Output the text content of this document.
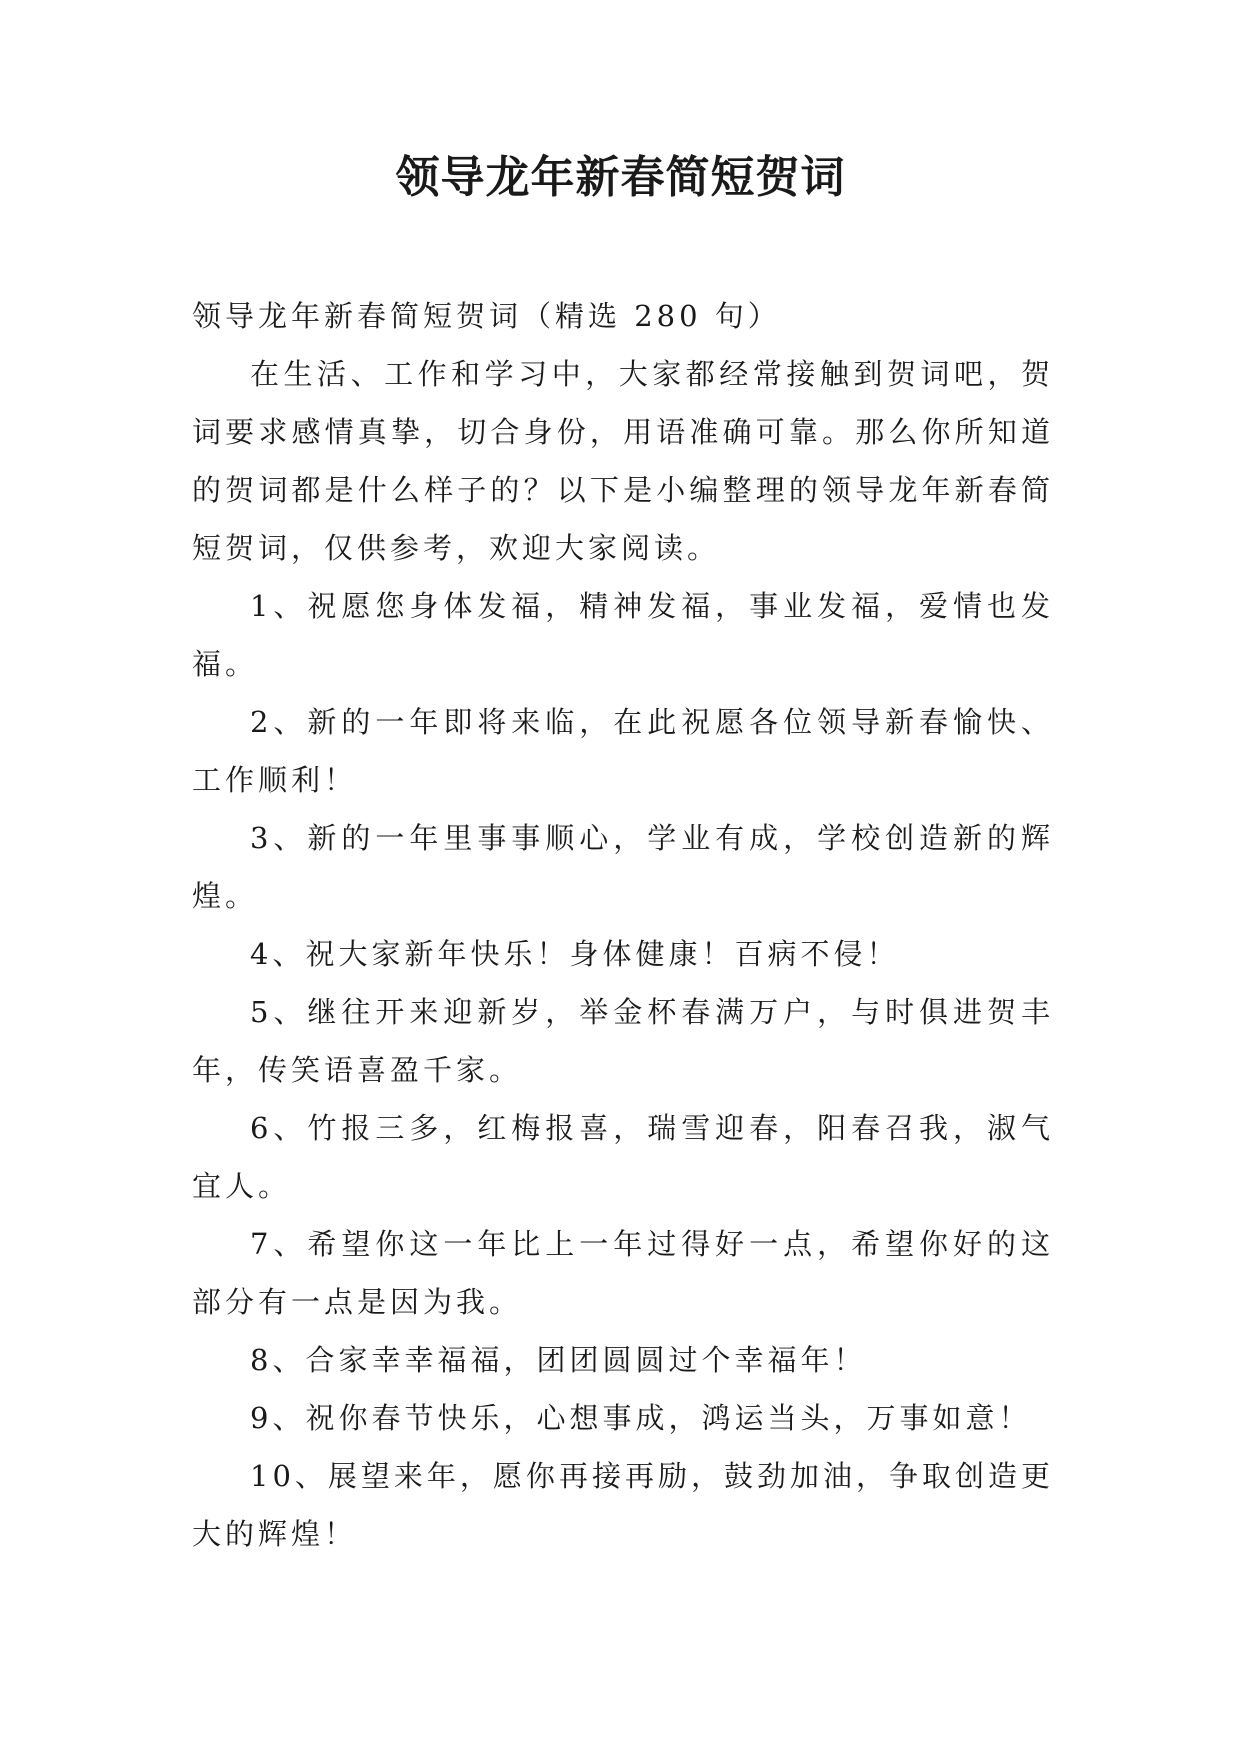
领导龙年新春简短贺词

领导龙年新春简短贺词（精选 280 句）

在生活、工作和学习中，大家都经常接触到贺词吧，贺词要求感情真挚，切合身份，用语准确可靠。那么你所知道的贺词都是什么样子的？以下是小编整理的领导龙年新春简短贺词，仅供参考，欢迎大家阅读。

1、祝愿您身体发福，精神发福，事业发福，爱情也发福。

2、新的一年即将来临，在此祝愿各位领导新春愉快、工作顺利！

3、新的一年里事事顺心，学业有成，学校创造新的辉煌。

4、祝大家新年快乐！身体健康！百病不侵！

5、继往开来迎新岁，举金杯春满万户，与时俱进贺丰年，传笑语喜盈千家。

6、竹报三多，红梅报喜，瑞雪迎春，阳春召我，淑气宜人。

7、希望你这一年比上一年过得好一点，希望你好的这部分有一点是因为我。

8、合家幸幸福福，团团圆圆过个幸福年！

9、祝你春节快乐，心想事成，鸿运当头，万事如意！

10、展望来年，愿你再接再励，鼓劲加油，争取创造更大的辉煌！
